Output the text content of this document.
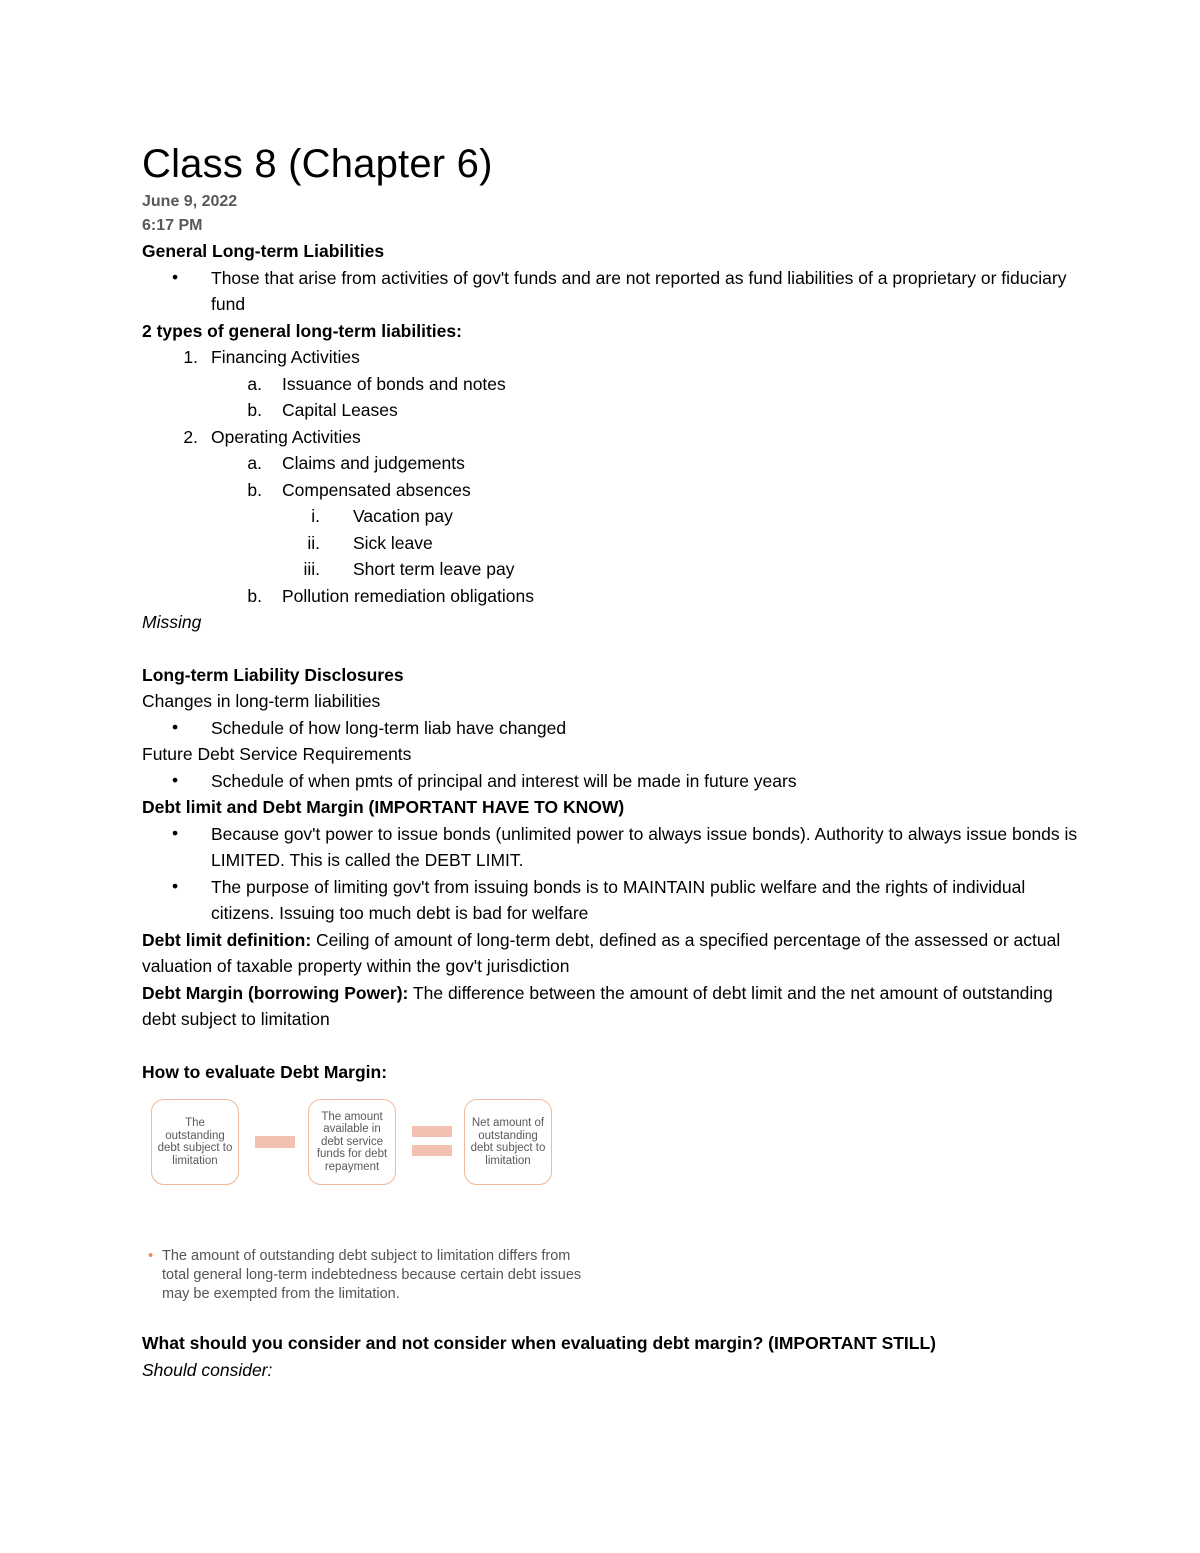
Class 8 (Chapter 6)
June 9, 2022
6:17 PM
General Long-term Liabilities
•	Those that arise from activities of gov't funds and are not reported as fund liabilities of a proprietary or fiduciary fund
2 types of general long-term liabilities:
1. Financing Activities
a. Issuance of bonds and notes
b. Capital Leases
2. Operating Activities
a. Claims and judgements
b. Compensated absences
i. Vacation pay
ii. Sick leave
iii. Short term leave pay
b. Pollution remediation obligations
Missing
Long-term Liability Disclosures
Changes in long-term liabilities
•	Schedule of how long-term liab have changed
Future Debt Service Requirements
•	Schedule of when pmts of principal and interest will be made in future years
Debt limit and Debt Margin (IMPORTANT HAVE TO KNOW)
•	Because gov't power to issue bonds (unlimited power to always issue bonds). Authority to always issue bonds is LIMITED. This is called the DEBT LIMIT.
•	The purpose of limiting gov't from issuing bonds is to MAINTAIN public welfare and the rights of individual citizens. Issuing too much debt is bad for welfare
Debt limit definition: Ceiling of amount of long-term debt, defined as a specified percentage of the assessed or actual valuation of taxable property within the gov't jurisdiction
Debt Margin (borrowing Power): The difference between the amount of debt limit and the net amount of outstanding debt subject to limitation
How to evaluate Debt Margin:
The outstanding debt subject to limitation
The amount available in debt service funds for debt repayment
Net amount of outstanding debt subject to limitation
• The amount of outstanding debt subject to limitation differs from total general long-term indebtedness because certain debt issues may be exempted from the limitation.
What should you consider and not consider when evaluating debt margin? (IMPORTANT STILL)
Should consider:
